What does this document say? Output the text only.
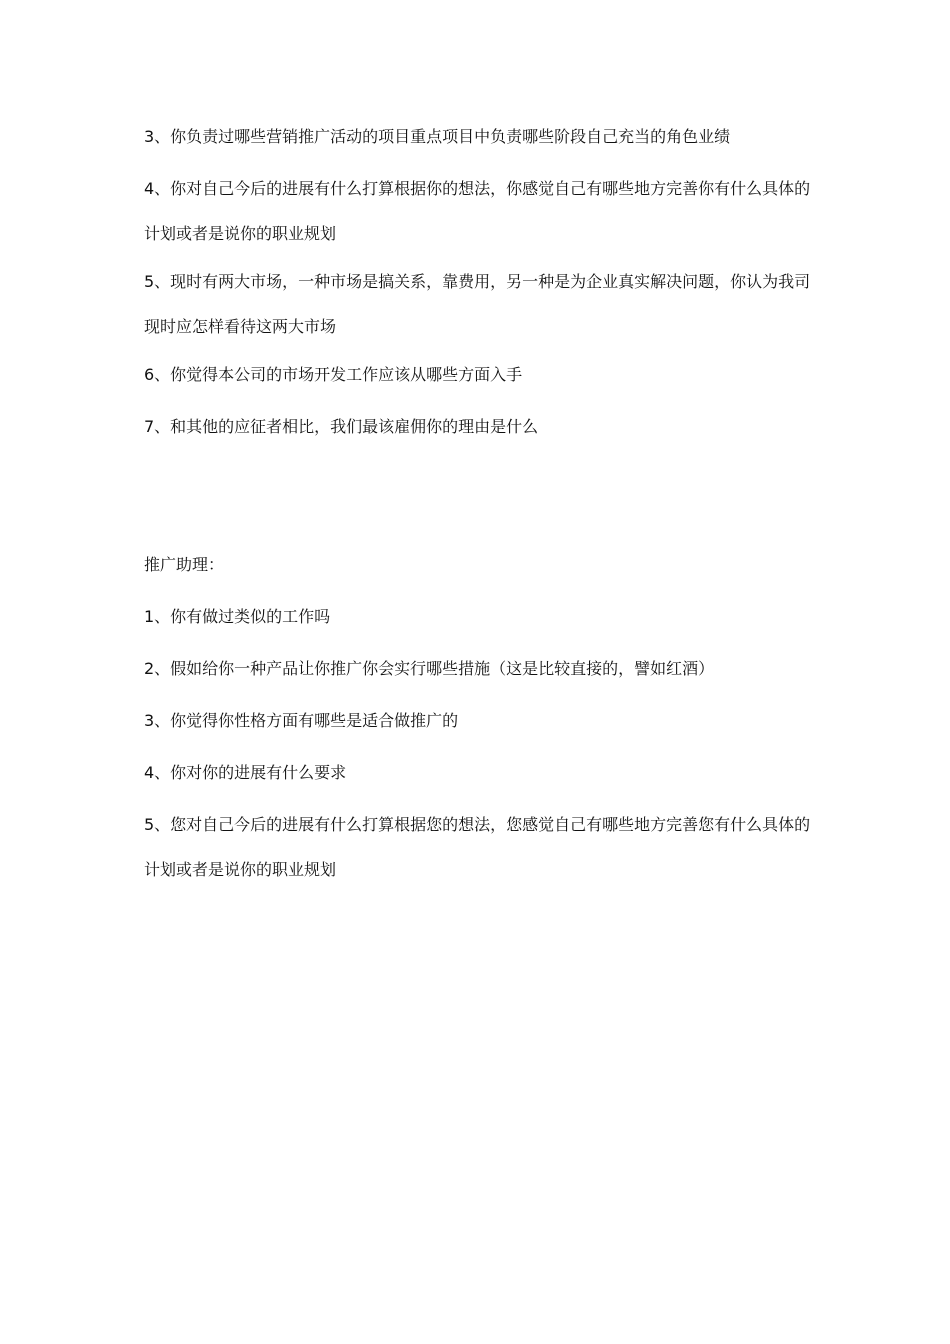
3、你负责过哪些营销推广活动的项目重点项目中负责哪些阶段自己充当的角色业绩

4、你对自己今后的进展有什么打算根据你的想法，你感觉自己有哪些地方完善你有什么具体的计划或者是说你的职业规划

5、现时有两大市场，一种市场是搞关系，靠费用，另一种是为企业真实解决问题，你认为我司现时应怎样看待这两大市场

6、你觉得本公司的市场开发工作应该从哪些方面入手

7、和其他的应征者相比，我们最该雇佣你的理由是什么

推广助理：

1、你有做过类似的工作吗

2、假如给你一种产品让你推广你会实行哪些措施（这是比较直接的，譬如红酒）

3、你觉得你性格方面有哪些是适合做推广的

4、你对你的进展有什么要求

5、您对自己今后的进展有什么打算根据您的想法，您感觉自己有哪些地方完善您有什么具体的计划或者是说你的职业规划
